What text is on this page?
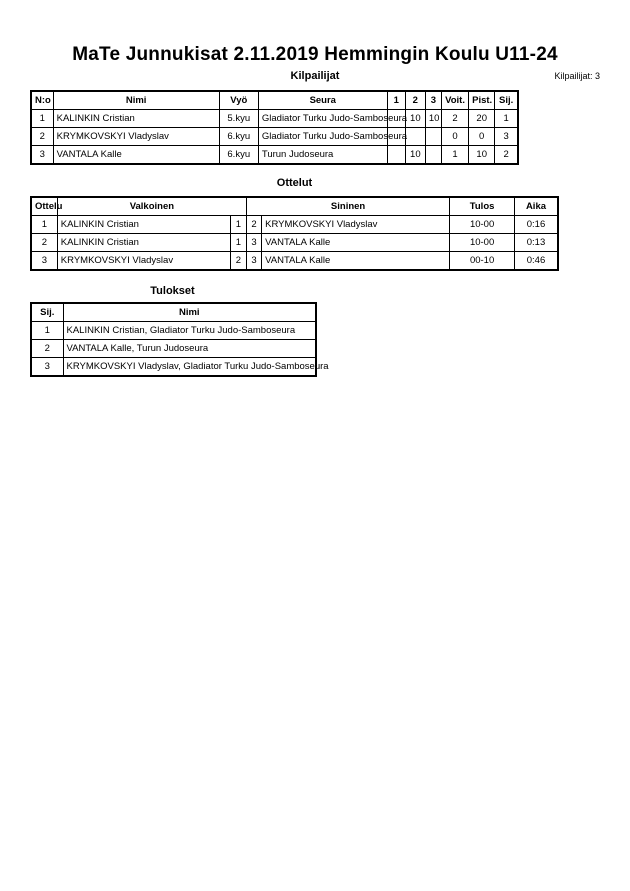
MaTe Junnukisat 2.11.2019 Hemmingin Koulu U11-24
Kilpailijat	Kilpailijat: 3
N:o	Nimi	Vyö	Seura	1	2	3	Voit.	Pist.	Sij.
1	KALINKIN Cristian	5.kyu	Gladiator Turku Judo-Samboseura		10	10	2	20	1
2	KRYMKOVSKYI Vladyslav	6.kyu	Gladiator Turku Judo-Samboseura				0	0	3
3	VANTALA Kalle	6.kyu	Turun Judoseura		10		1	10	2
Ottelut
Ottelu	Valkoinen		Sininen		Tulos	Aika
1	KALINKIN Cristian	1	2	KRYMKOVSKYI Vladyslav	10-00	0:16
2	KALINKIN Cristian	1	3	VANTALA Kalle	10-00	0:13
3	KRYMKOVSKYI Vladyslav	2	3	VANTALA Kalle	00-10	0:46
Tulokset
Sij.	Nimi
1	KALINKIN Cristian, Gladiator Turku Judo-Samboseura
2	VANTALA Kalle, Turun Judoseura
3	KRYMKOVSKYI Vladyslav, Gladiator Turku Judo-Samboseura
